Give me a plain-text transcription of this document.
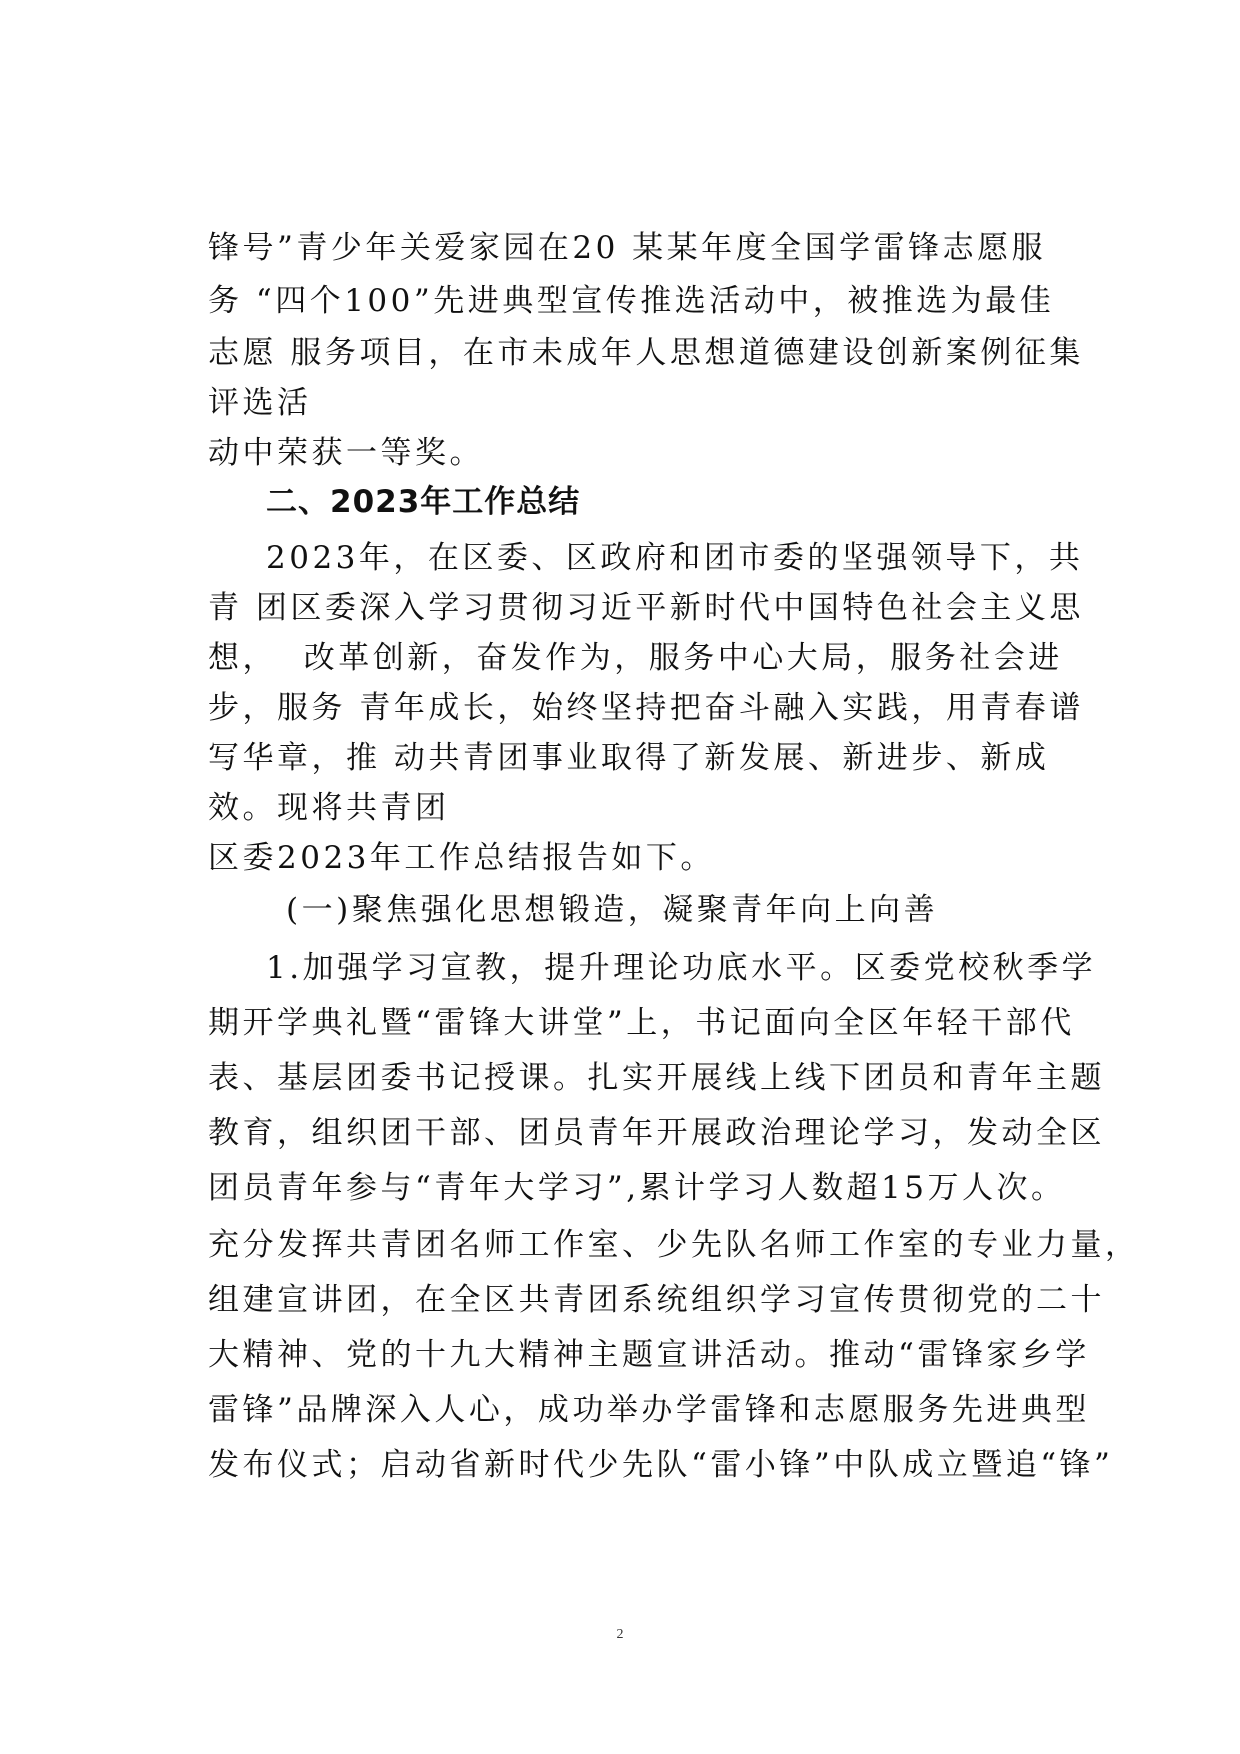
锋号”青少年关爱家园在20 某某年度全国学雷锋志愿服
务 “四个100”先进典型宣传推选活动中，被推选为最佳
志愿 服务项目，在市未成年人思想道德建设创新案例征集
评选活
动中荣获一等奖。
二、2023年工作总结
2023年，在区委、区政府和团市委的坚强领导下，共
青 团区委深入学习贯彻习近平新时代中国特色社会主义思
想，  改革创新，奋发作为，服务中心大局，服务社会进
步，服务 青年成长，始终坚持把奋斗融入实践，用青春谱
写华章，推 动共青团事业取得了新发展、新进步、新成
效。现将共青团
区委2023年工作总结报告如下。
(一)聚焦强化思想锻造，凝聚青年向上向善
1.加强学习宣教，提升理论功底水平。区委党校秋季学
期开学典礼暨“雷锋大讲堂”上，书记面向全区年轻干部代
表、基层团委书记授课。扎实开展线上线下团员和青年主题
教育，组织团干部、团员青年开展政治理论学习，发动全区
团员青年参与“青年大学习”,累计学习人数超15万人次。
充分发挥共青团名师工作室、少先队名师工作室的专业力量，
组建宣讲团，在全区共青团系统组织学习宣传贯彻党的二十
大精神、党的十九大精神主题宣讲活动。推动“雷锋家乡学
雷锋”品牌深入人心，成功举办学雷锋和志愿服务先进典型
发布仪式；启动省新时代少先队“雷小锋”中队成立暨追“锋”
2
